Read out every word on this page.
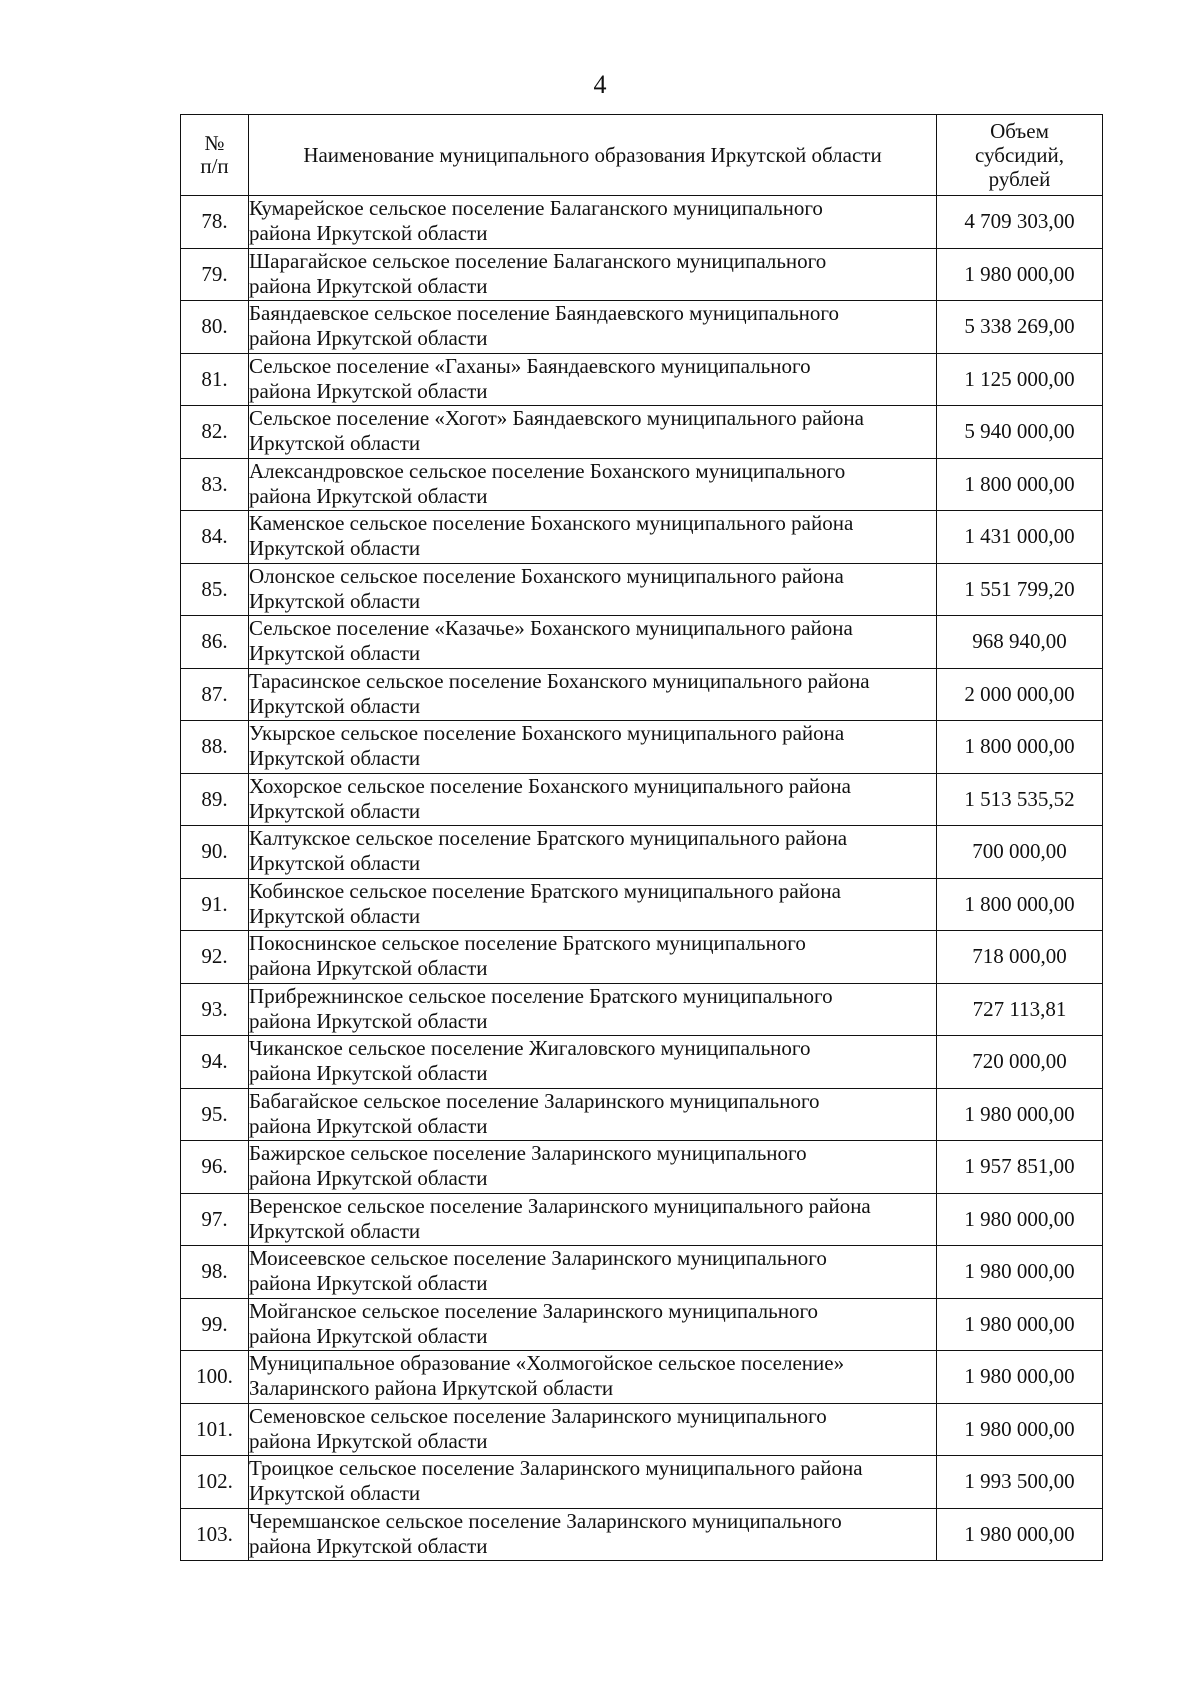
4
№
п/п	Наименование муниципального образования Иркутской области	Объем
субсидий,
рублей
78.	Кумарейское сельское поселение Балаганского муниципального
района Иркутской области	4 709 303,00
79.	Шарагайское сельское поселение Балаганского муниципального
района Иркутской области	1 980 000,00
80.	Баяндаевское сельское поселение Баяндаевского муниципального
района Иркутской области	5 338 269,00
81.	Сельское поселение «Гаханы» Баяндаевского муниципального
района Иркутской области	1 125 000,00
82.	Сельское поселение «Хогот» Баяндаевского муниципального района
Иркутской области	5 940 000,00
83.	Александровское сельское поселение Боханского муниципального
района Иркутской области	1 800 000,00
84.	Каменское сельское поселение Боханского муниципального района
Иркутской области	1 431 000,00
85.	Олонское сельское поселение Боханского муниципального района
Иркутской области	1 551 799,20
86.	Сельское поселение «Казачье» Боханского муниципального района
Иркутской области	968 940,00
87.	Тарасинское сельское поселение Боханского муниципального района
Иркутской области	2 000 000,00
88.	Укырское сельское поселение Боханского муниципального района
Иркутской области	1 800 000,00
89.	Хохорское сельское поселение Боханского муниципального района
Иркутской области	1 513 535,52
90.	Калтукское сельское поселение Братского муниципального района
Иркутской области	700 000,00
91.	Кобинское сельское поселение Братского муниципального района
Иркутской области	1 800 000,00
92.	Покоснинское сельское поселение Братского муниципального
района Иркутской области	718 000,00
93.	Прибрежнинское сельское поселение Братского муниципального
района Иркутской области	727 113,81
94.	Чиканское сельское поселение Жигаловского муниципального
района Иркутской области	720 000,00
95.	Бабагайское сельское поселение Заларинского муниципального
района Иркутской области	1 980 000,00
96.	Бажирское сельское поселение Заларинского муниципального
района Иркутской области	1 957 851,00
97.	Веренское сельское поселение Заларинского муниципального района
Иркутской области	1 980 000,00
98.	Моисеевское сельское поселение Заларинского муниципального
района Иркутской области	1 980 000,00
99.	Мойганское сельское поселение Заларинского муниципального
района Иркутской области	1 980 000,00
100.	Муниципальное образование «Холмогойское сельское поселение»
Заларинского района Иркутской области	1 980 000,00
101.	Семеновское сельское поселение Заларинского муниципального
района Иркутской области	1 980 000,00
102.	Троицкое сельское поселение Заларинского муниципального района
Иркутской области	1 993 500,00
103.	Черемшанское сельское поселение Заларинского муниципального
района Иркутской области	1 980 000,00
